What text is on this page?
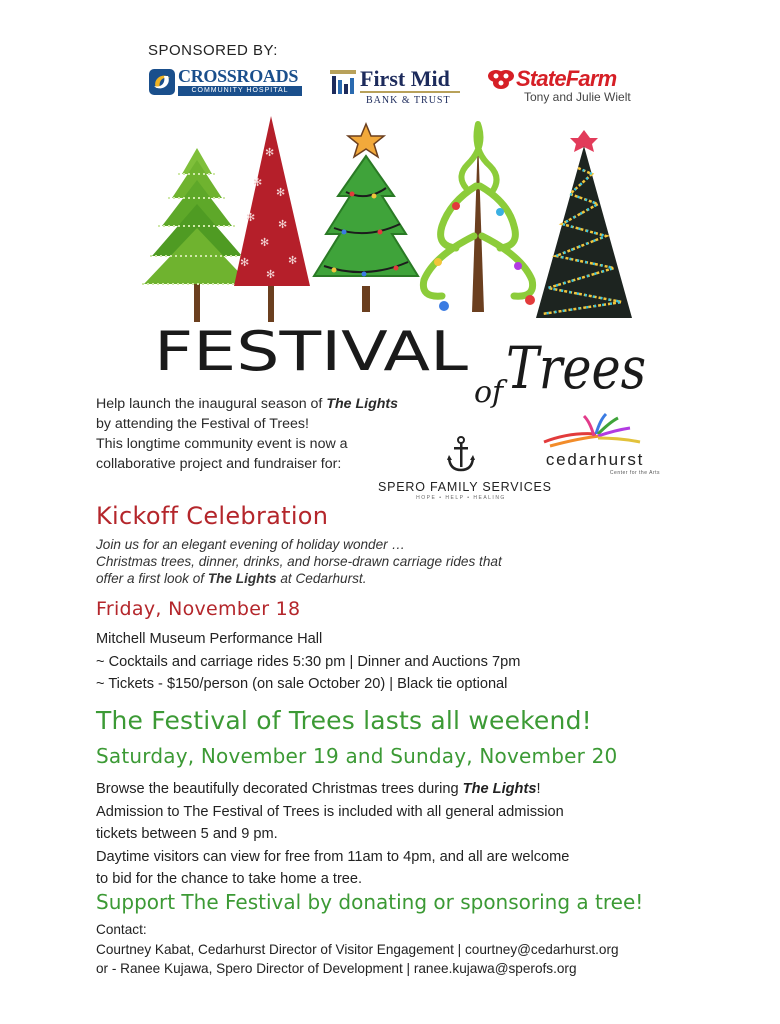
SPONSORED BY:
CROSSROADS
COMMUNITY HOSPITAL	First Mid
BANK & TRUST
StateFarm
Tony and Julie Wielt
✻
✻
✻
✻
✻
✻
✻	✻
✻
FESTIVAL
of Trees
Help launch the inaugural season of The Lights
by attending the Festival of Trees!
This longtime community event is now a
collaborative project and fundraiser for:
SPERO FAMILY SERVICES
HOPE • HELP • HEALING
cedarhurst
Center for the Arts
Kickoff Celebration
Join us for an elegant evening of holiday wonder …
Christmas trees, dinner, drinks, and horse-drawn carriage rides that
offer a first look of The Lights at Cedarhurst.
Friday, November 18
Mitchell Museum Performance Hall
~ Cocktails and carriage rides 5:30 pm | Dinner and Auctions 7pm
~ Tickets - $150/person (on sale October 20) | Black tie optional
The Festival of Trees lasts all weekend!
Saturday, November 19 and Sunday, November 20
Browse the beautifully decorated Christmas trees during The Lights!
Admission to The Festival of Trees is included with all general admission
tickets between 5 and 9 pm.
Daytime visitors can view for free from 11am to 4pm, and all are welcome
to bid for the chance to take home a tree.
Support The Festival by donating or sponsoring a tree!
Contact:
Courtney Kabat, Cedarhurst Director of Visitor Engagement | courtney@cedarhurst.org
or - Ranee Kujawa, Spero Director of Development | ranee.kujawa@sperofs.org
